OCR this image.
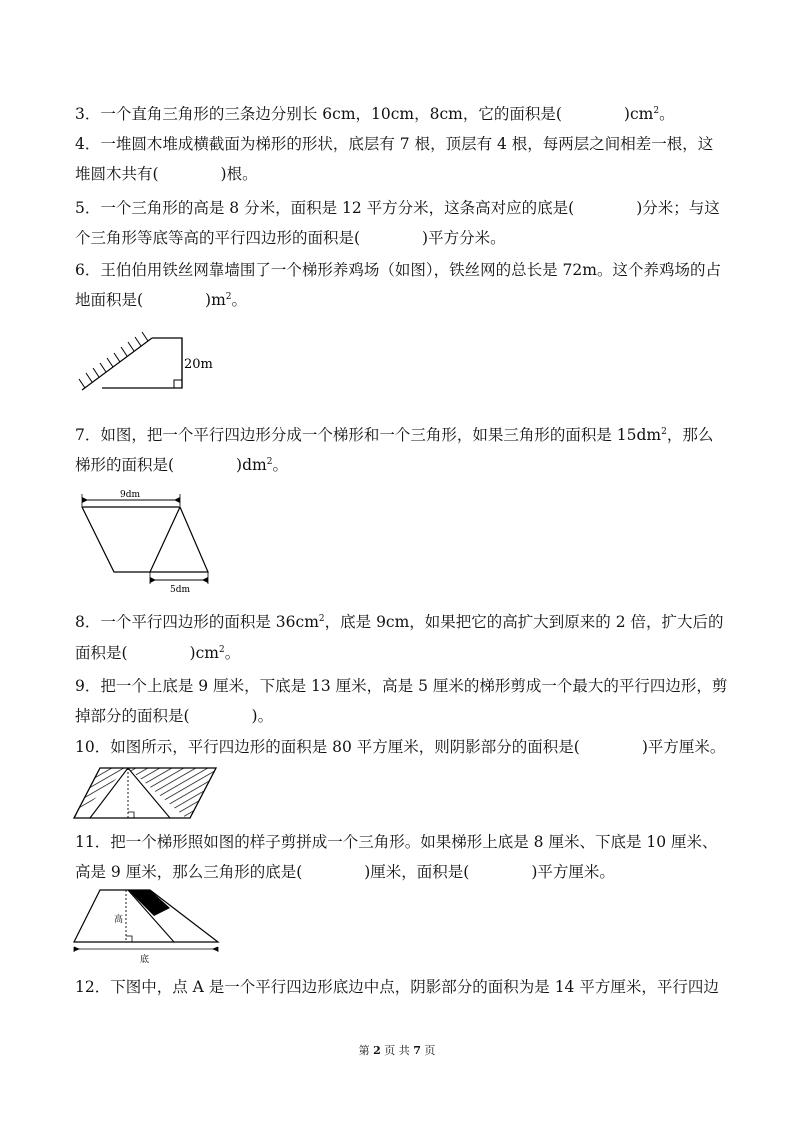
3．一个直角三角形的三条边分别长 6cm，10cm，8cm，它的面积是(　　　　)$cm^2$。
4．一堆圆木堆成横截面为梯形的形状，底层有 7 根，顶层有 4 根，每两层之间相差一根，这
堆圆木共有(　　　　)根。
5．一个三角形的高是 8 分米，面积是 12 平方分米，这条高对应的底是(　　　　)分米；与这
个三角形等底等高的平行四边形的面积是(　　　　)平方分米。
6．王伯伯用铁丝网靠墙围了一个梯形养鸡场（如图），铁丝网的总长是 72m。这个养鸡场的占
地面积是(　　　　)$m^2$。
20m
7．如图，把一个平行四边形分成一个梯形和一个三角形，如果三角形的面积是 $15dm^2$，那么
梯形的面积是(　　　　)$dm^2$。
9dm
5dm
8．一个平行四边形的面积是 $36cm^2$，底是 9cm，如果把它的高扩大到原来的 2 倍，扩大后的
面积是(　　　　)$cm^2$。
9．把一个上底是 9 厘米，下底是 13 厘米，高是 5 厘米的梯形剪成一个最大的平行四边形，剪
掉部分的面积是(　　　　)。
10．如图所示，平行四边形的面积是 80 平方厘米，则阴影部分的面积是(　　　　)平方厘米。
11．把一个梯形照如图的样子剪拼成一个三角形。如果梯形上底是 8 厘米、下底是 10 厘米、
高是 9 厘米，那么三角形的底是(　　　　)厘米，面积是(　　　　)平方厘米。
高
底
12．下图中，点 A 是一个平行四边形底边中点，阴影部分的面积为是 14 平方厘米，平行四边
第 2 页 共 7 页
